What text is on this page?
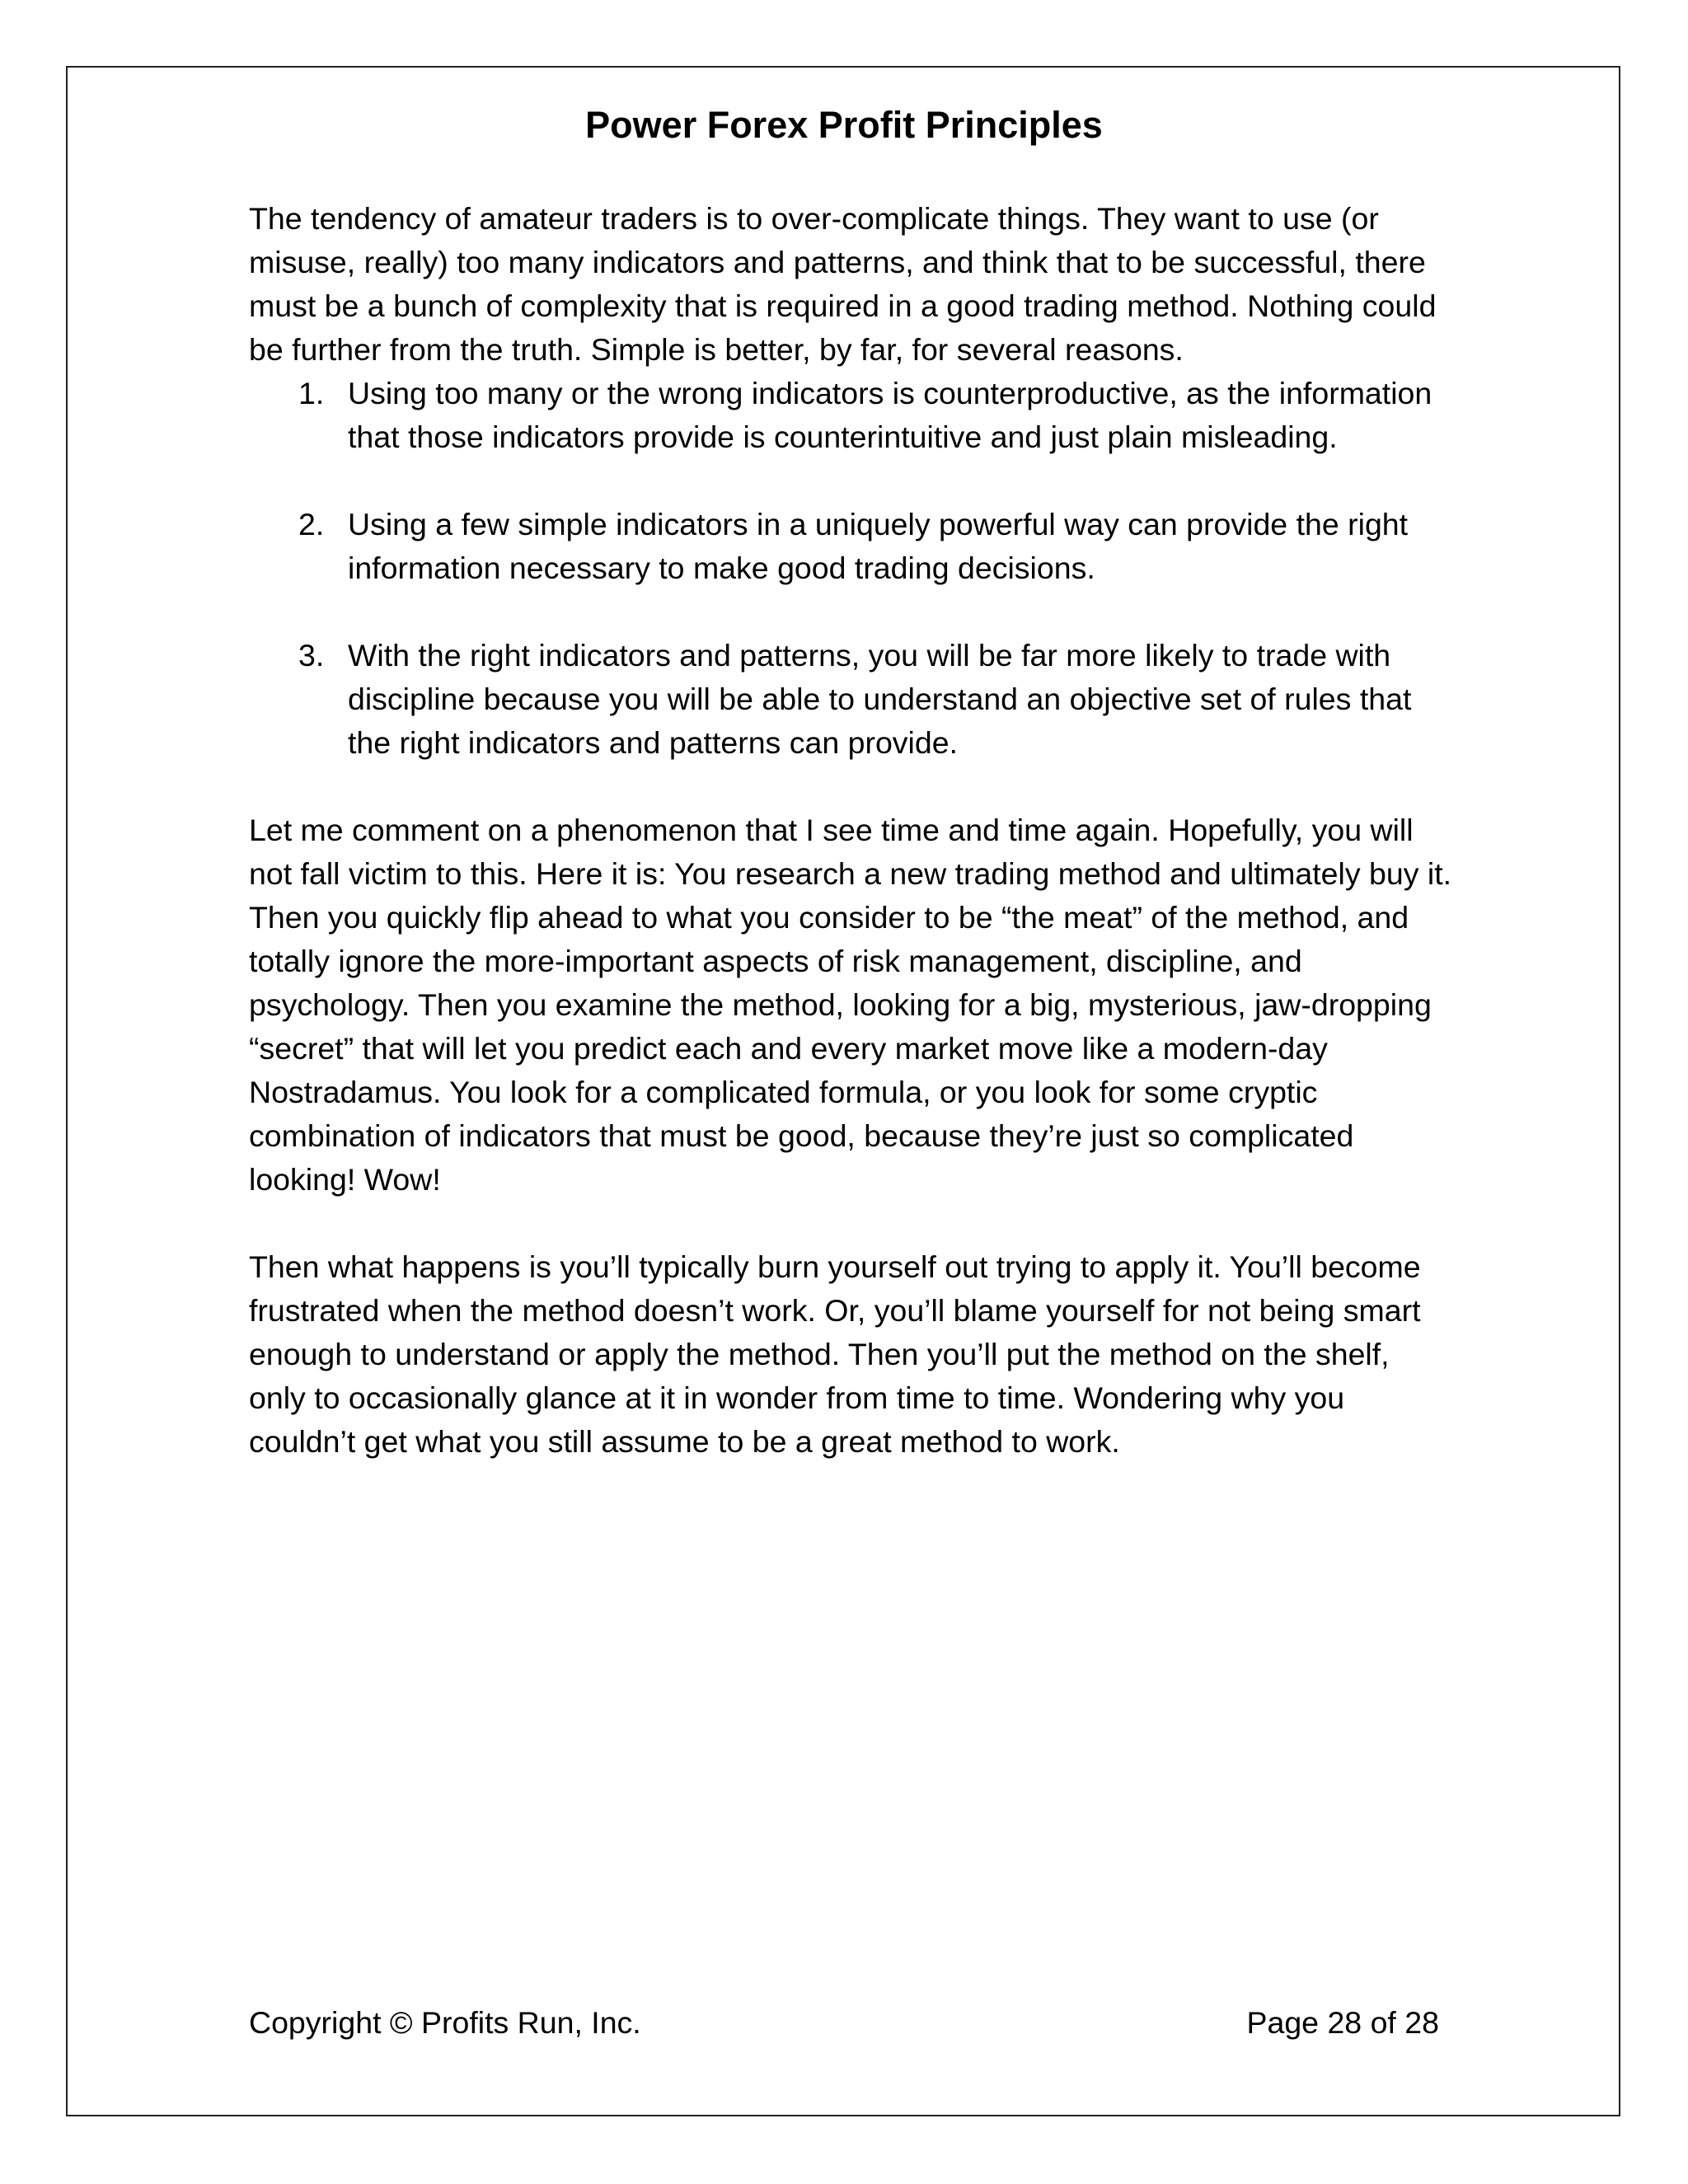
Power Forex Profit Principles

The tendency of amateur traders is to over-complicate things. They want to use (or misuse, really) too many indicators and patterns, and think that to be successful, there must be a bunch of complexity that is required in a good trading method. Nothing could be further from the truth. Simple is better, by far, for several reasons.

1. Using too many or the wrong indicators is counterproductive, as the information that those indicators provide is counterintuitive and just plain misleading.
2. Using a few simple indicators in a uniquely powerful way can provide the right information necessary to make good trading decisions.
3. With the right indicators and patterns, you will be far more likely to trade with discipline because you will be able to understand an objective set of rules that the right indicators and patterns can provide.

Let me comment on a phenomenon that I see time and time again. Hopefully, you will not fall victim to this. Here it is: You research a new trading method and ultimately buy it. Then you quickly flip ahead to what you consider to be “the meat” of the method, and totally ignore the more-important aspects of risk management, discipline, and psychology. Then you examine the method, looking for a big, mysterious, jaw-dropping “secret” that will let you predict each and every market move like a modern-day Nostradamus. You look for a complicated formula, or you look for some cryptic combination of indicators that must be good, because they’re just so complicated looking! Wow!

Then what happens is you’ll typically burn yourself out trying to apply it. You’ll become frustrated when the method doesn’t work. Or, you’ll blame yourself for not being smart enough to understand or apply the method. Then you’ll put the method on the shelf, only to occasionally glance at it in wonder from time to time. Wondering why you couldn’t get what you still assume to be a great method to work.

Copyright © Profits Run, Inc.	Page 28 of 28
